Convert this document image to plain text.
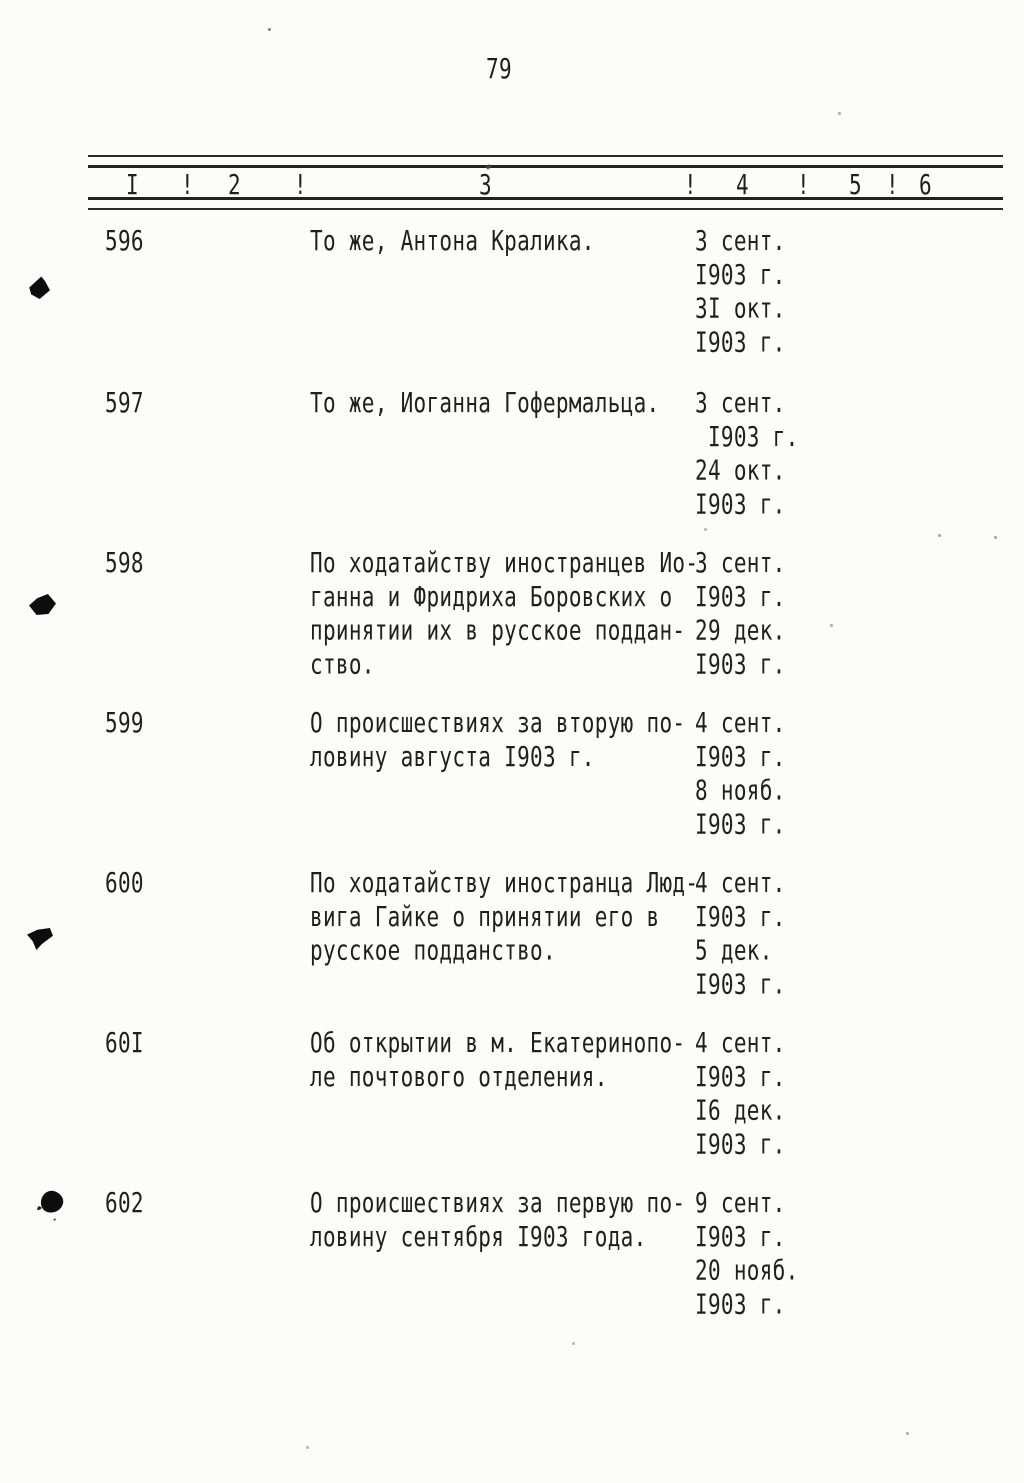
79
I ! 2	!	3	! 4 ! 5 ! 6
596	То же, Антона Кралика.	3 сент.
I903 г.
3I окт.
I903 г.
597	То же, Иоганна Гофермальца.	3 сент.
I903 г.
24 окт.
I903 г.
598	По ходатайству иностранцев Ио-
ганна и Фридриха Боровских о
принятии их в русское поддан-
ство.
3 сент.
I903 г.
29 дек.
I903 г.
599	О происшествиях за вторую по-
ловину августа I903 г.
4 сент.
I903 г.
8 нояб.
I903 г.
600	По ходатайству иностранца Люд-
вига Гайке о принятии его в
русское подданство.
4 сент.
I903 г.
5 дек.
I903 г.
60I	Об открытии в м. Екатеринопо-
ле почтового отделения.
4 сент.
I903 г.
I6 дек.
I903 г.
602	О происшествиях за первую по-
ловину сентября I903 года.
9 сент.
I903 г.
20 нояб.
I903 г.
